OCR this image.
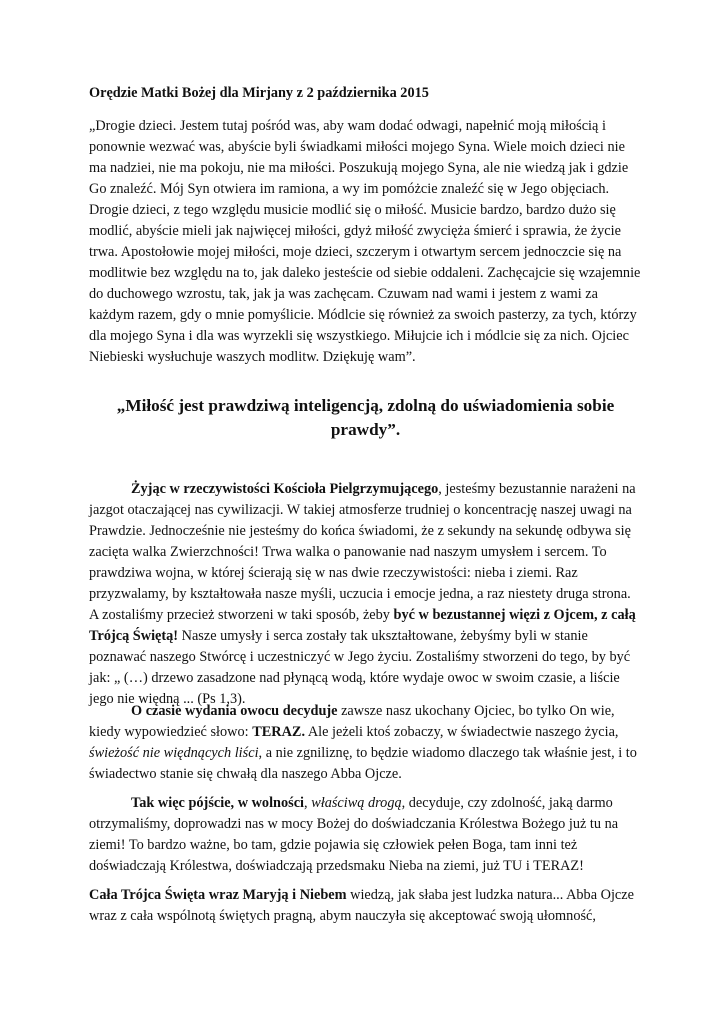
Orędzie Matki Bożej dla Mirjany z 2 października 2015
„Drogie dzieci. Jestem tutaj pośród was, aby wam dodać odwagi, napełnić moją miłością i ponownie wezwać was, abyście byli świadkami miłości mojego Syna. Wiele moich dzieci nie ma nadziei, nie ma pokoju, nie ma miłości. Poszukują mojego Syna, ale nie wiedzą jak i gdzie Go znaleźć. Mój Syn otwiera im ramiona, a wy im pomóżcie znaleźć się w Jego objęciach. Drogie dzieci, z tego względu musicie modlić się o miłość. Musicie bardzo, bardzo dużo się modlić, abyście mieli jak najwięcej miłości, gdyż miłość zwycięża śmierć i sprawia, że życie trwa. Apostołowie mojej miłości, moje dzieci, szczerym i otwartym sercem jednoczcie się na modlitwie bez względu na to, jak daleko jesteście od siebie oddaleni. Zachęcajcie się wzajemnie do duchowego wzrostu, tak, jak ja was zachęcam. Czuwam nad wami i jestem z wami za każdym razem, gdy o mnie pomyślicie. Módlcie się również za swoich pasterzy, za tych, którzy dla mojego Syna i dla was wyrzekli się wszystkiego. Miłujcie ich i módlcie się za nich. Ojciec Niebieski wysłuchuje waszych modlitw. Dziękuję wam”.
„Miłość jest prawdziwą inteligencją, zdolną do uświadomienia sobie prawdy”.
Żyjąc w rzeczywistości Kościoła Pielgrzymującego, jesteśmy bezustannie narażeni na jazgot otaczającej nas cywilizacji. W takiej atmosferze trudniej o koncentrację naszej uwagi na Prawdzie. Jednocześnie nie jesteśmy do końca świadomi, że z sekundy na sekundę odbywa się zacięta walka Zwierzchności! Trwa walka o panowanie nad naszym umysłem i sercem. To prawdziwa wojna, w której ścierają się w nas dwie rzeczywistości: nieba i ziemi. Raz przyzwalamy, by kształtowała nasze myśli, uczucia i emocje jedna, a raz niestety druga strona. A zostaliśmy przecież stworzeni w taki sposób, żeby być w bezustannej więzi z Ojcem, z całą Trójcą Świętą! Nasze umysły i serca zostały tak ukształtowane, żebyśmy byli w stanie poznawać naszego Stwórcę i uczestniczyć w Jego życiu. Zostaliśmy stworzeni do tego, by być jak: „ (…) drzewo zasadzone nad płynącą wodą, które wydaje owoc w swoim czasie, a liście jego nie więdną ... (Ps 1,3).
O czasie wydania owocu decyduje zawsze nasz ukochany Ojciec, bo tylko On wie, kiedy wypowiedzieć słowo: TERAZ. Ale jeżeli ktoś zobaczy, w świadectwie naszego życia, świeżość nie więdnących liści, a nie zgniliznę, to będzie wiadomo dlaczego tak właśnie jest, i to świadectwo stanie się chwałą dla naszego Abba Ojcze.
Tak więc pójście, w wolności, właściwą drogą, decyduje, czy zdolność, jaką darmo otrzymaliśmy, doprowadzi nas w mocy Bożej do doświadczania Królestwa Bożego już tu na ziemi! To bardzo ważne, bo tam, gdzie pojawia się człowiek pełen Boga, tam inni też doświadczają Królestwa, doświadczają przedsmaku Nieba na ziemi, już TU i TERAZ!
Cała Trójca Święta wraz Maryją i Niebem wiedzą, jak słaba jest ludzka natura... Abba Ojcze wraz z cała wspólnotą świętych pragną, abym nauczyła się akceptować swoją ułomność,
